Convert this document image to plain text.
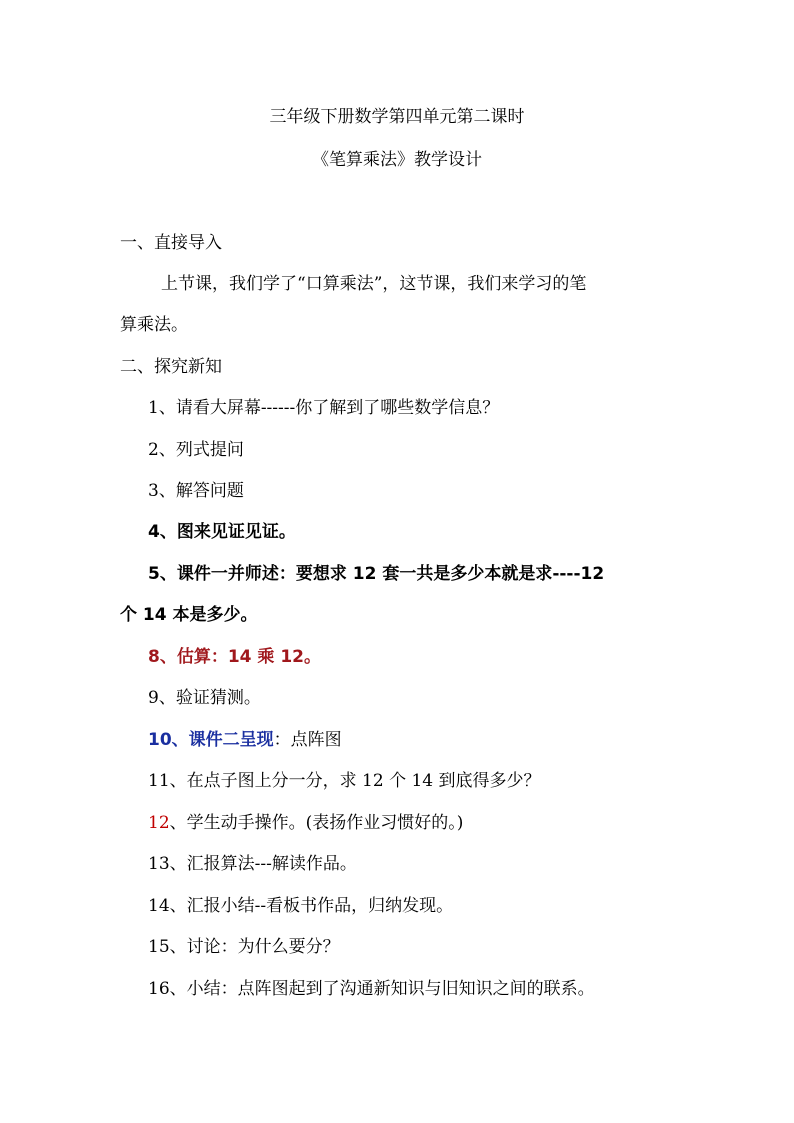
三年级下册数学第四单元第二课时
《笔算乘法》教学设计
一、直接导入
上节课，我们学了“口算乘法”，这节课，我们来学习的笔
算乘法。
二、探究新知
1、请看大屏幕------你了解到了哪些数学信息？
2、列式提问
3、解答问题
4、图来见证见证。
5、课件一并师述：要想求 12 套一共是多少本就是求----12
个 14 本是多少。
8、估算：14 乘 12。
9、验证猜测。
10、课件二呈现：点阵图
11、在点子图上分一分，求 12 个 14 到底得多少？
12、学生动手操作。(表扬作业习惯好的。)
13、汇报算法---解读作品。
14、汇报小结--看板书作品，归纳发现。
15、讨论：为什么要分？
16、小结：点阵图起到了沟通新知识与旧知识之间的联系。
